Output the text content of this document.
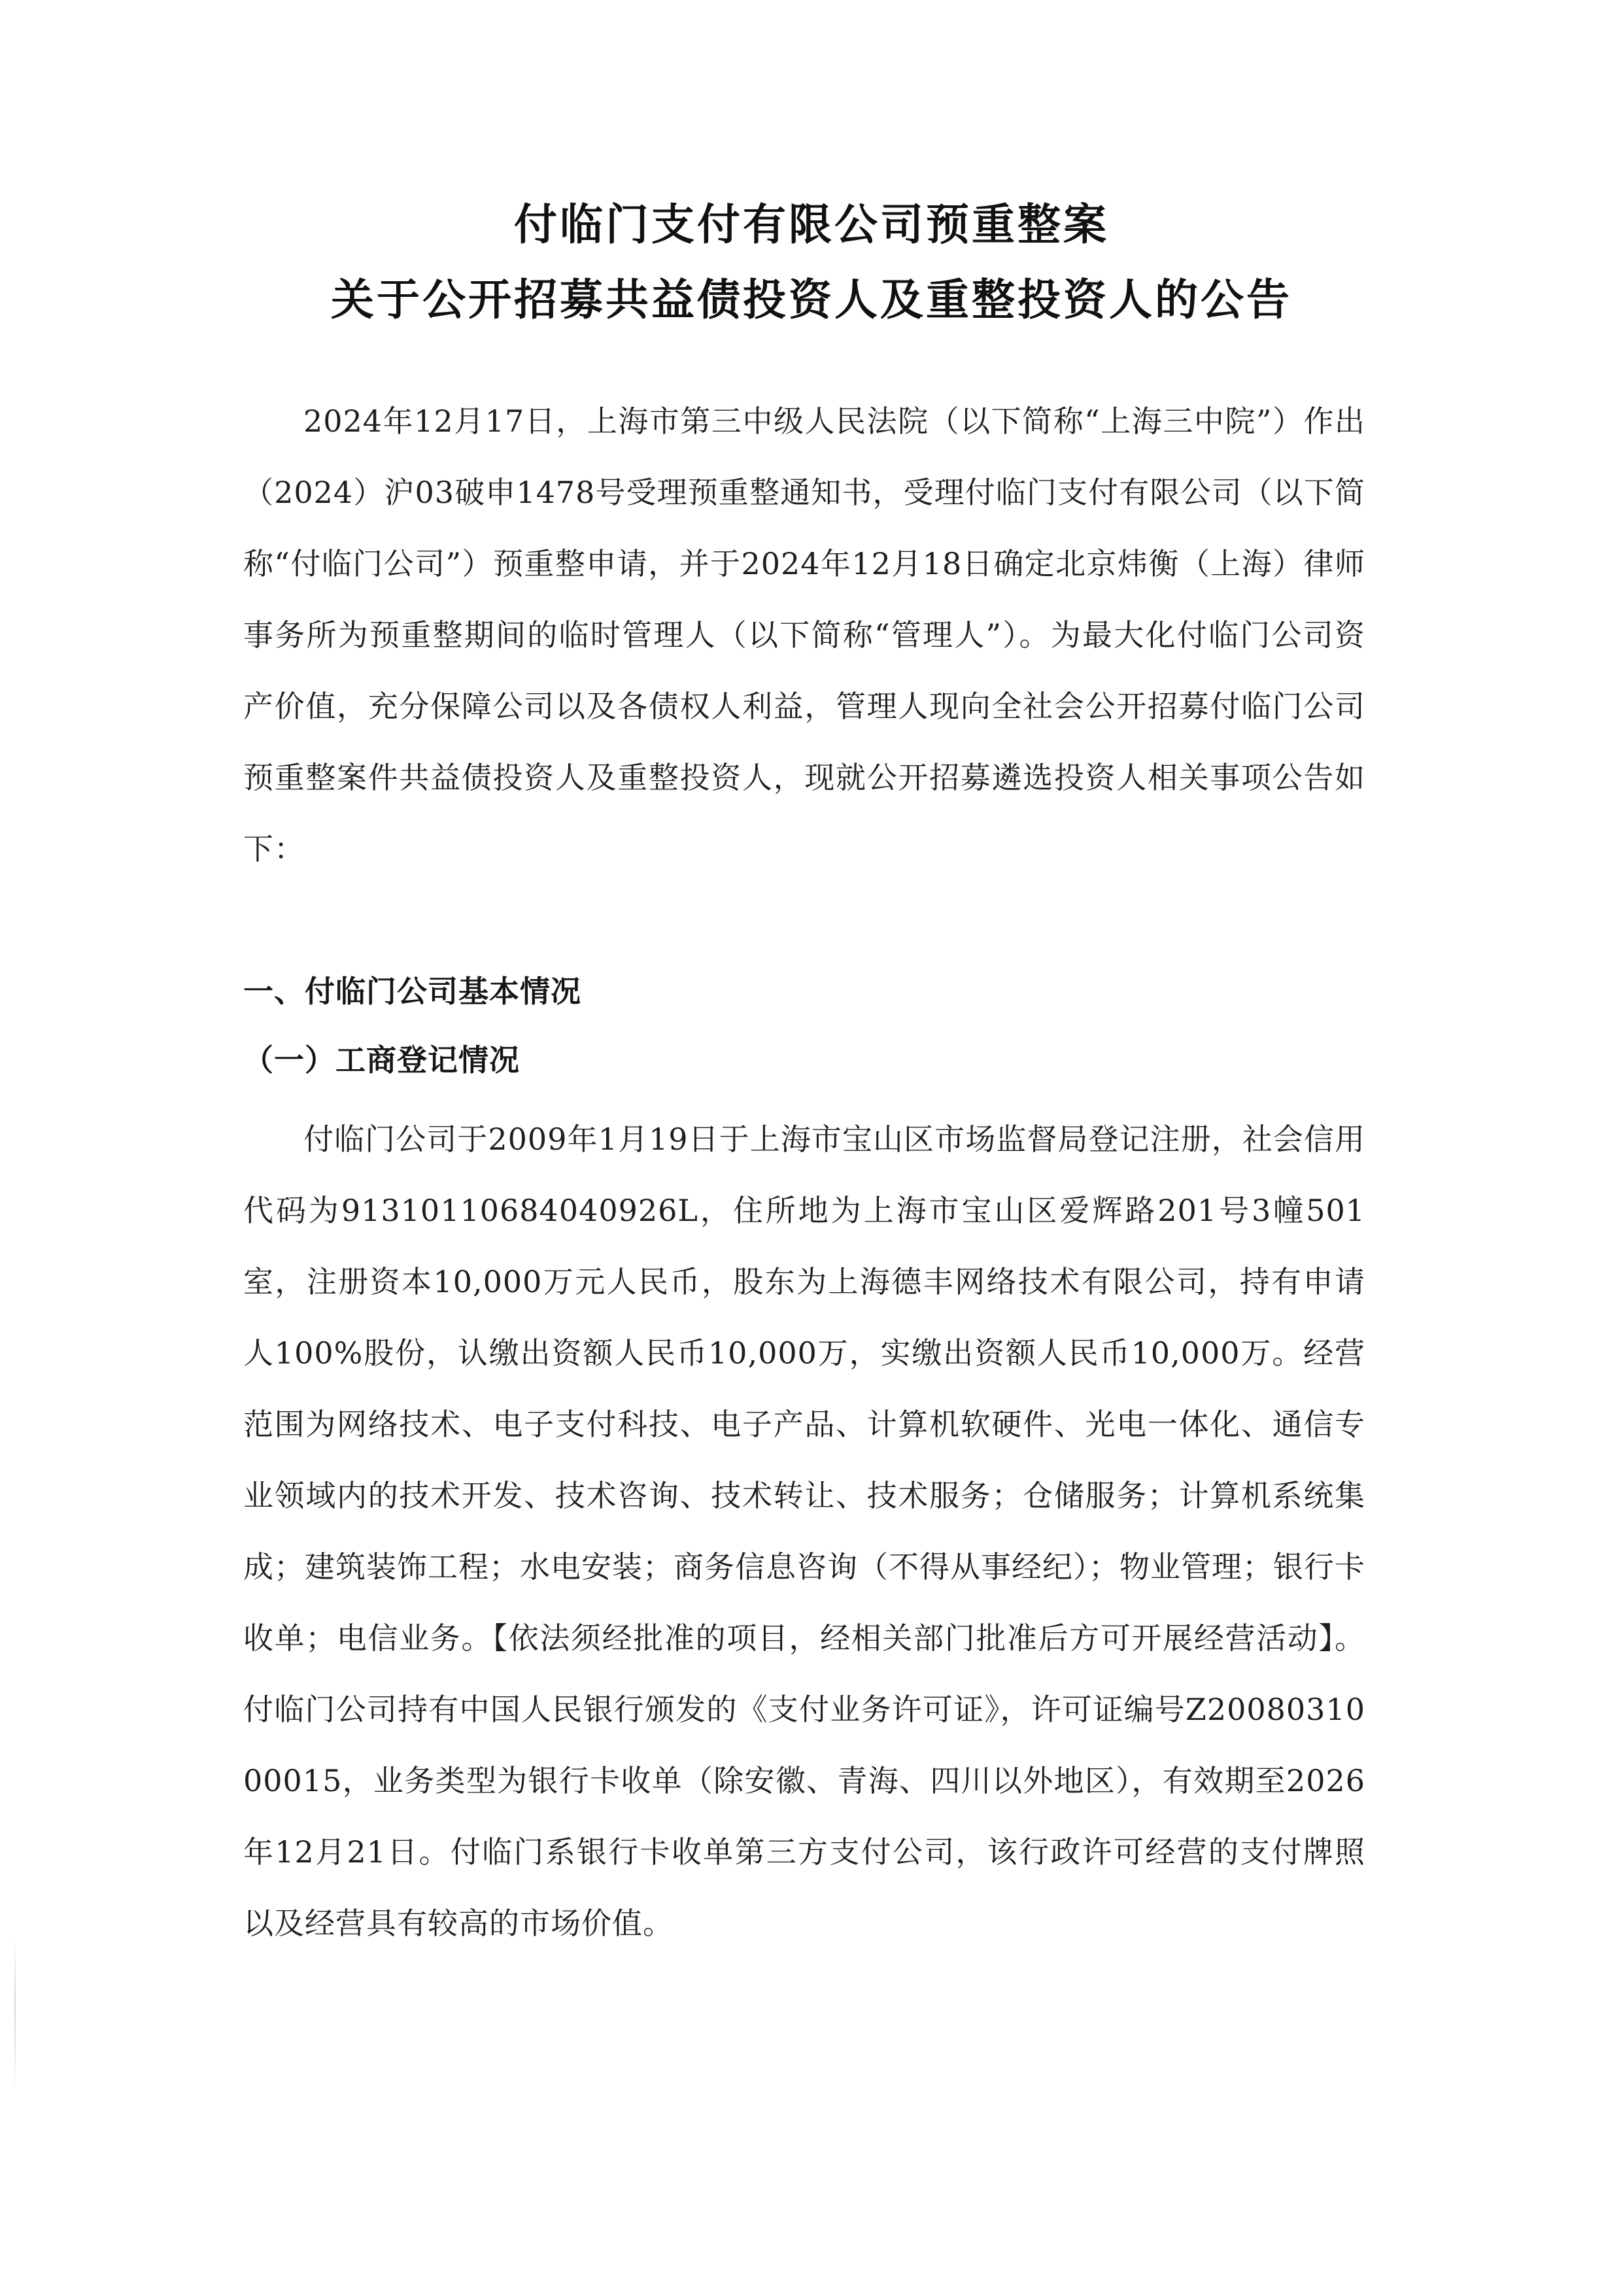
付临门支付有限公司预重整案
关于公开招募共益债投资人及重整投资人的公告

2024年12月17日，上海市第三中级人民法院（以下简称“上海三中院”）作出（2024）沪03破申1478号受理预重整通知书，受理付临门支付有限公司（以下简称“付临门公司”）预重整申请，并于2024年12月18日确定北京炜衡（上海）律师事务所为预重整期间的临时管理人（以下简称“管理人”）。为最大化付临门公司资产价值，充分保障公司以及各债权人利益，管理人现向全社会公开招募付临门公司预重整案件共益债投资人及重整投资人，现就公开招募遴选投资人相关事项公告如下：

一、付临门公司基本情况
（一）工商登记情况

付临门公司于2009年1月19日于上海市宝山区市场监督局登记注册，社会信用代码为91310110684040926L，住所地为上海市宝山区爱辉路201号3幢501室，注册资本10,000万元人民币，股东为上海德丰网络技术有限公司，持有申请人100%股份，认缴出资额人民币10,000万，实缴出资额人民币10,000万。经营范围为网络技术、电子支付科技、电子产品、计算机软硬件、光电一体化、通信专业领域内的技术开发、技术咨询、技术转让、技术服务；仓储服务；计算机系统集成；建筑装饰工程；水电安装；商务信息咨询（不得从事经纪）；物业管理；银行卡收单；电信业务。【依法须经批准的项目，经相关部门批准后方可开展经营活动】。付临门公司持有中国人民银行颁发的《支付业务许可证》，许可证编号Z2008031000015，业务类型为银行卡收单（除安徽、青海、四川以外地区），有效期至2026年12月21日。付临门系银行卡收单第三方支付公司，该行政许可经营的支付牌照以及经营具有较高的市场价值。
